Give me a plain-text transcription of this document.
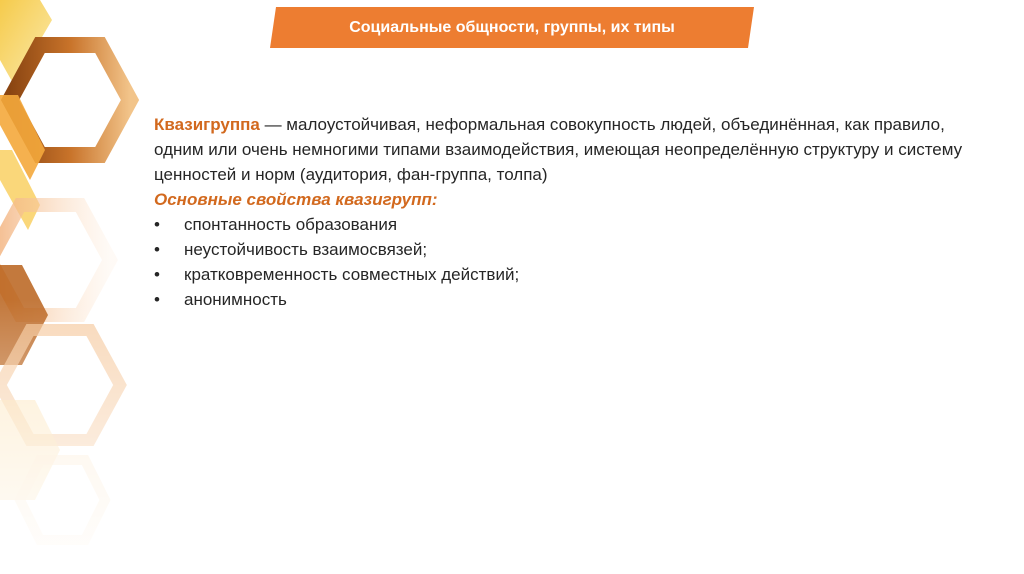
Социальные общности, группы, их типы

Квазигруппа — малоустойчивая, неформальная совокупность людей, объединённая, как правило, одним или очень немногими типами взаимодействия, имеющая неопределённую структуру и систему ценностей и норм (аудитория, фан-группа, толпа)

Основные свойства квазигрупп:

• спонтанность образования
• неустойчивость взаимосвязей;
• кратковременность совместных действий;
• анонимность
